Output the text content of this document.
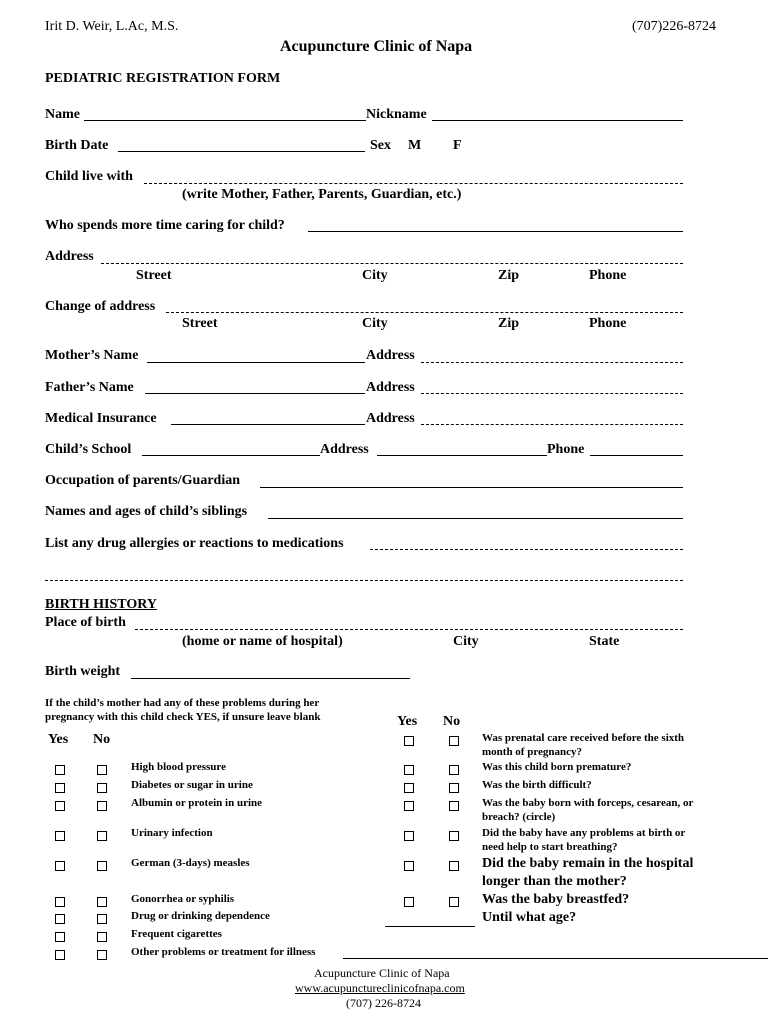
Irit D. Weir, L.Ac, M.S.	(707)226-8724
Acupuncture Clinic of Napa
PEDIATRIC REGISTRATION FORM
Name	Nickname
Birth Date	Sex M F
Child live with
(write Mother, Father, Parents, Guardian, etc.)
Who spends more time caring for child?
Address
Street	City	Zip	Phone
Change of address
Street	City	Zip	Phone
Mother’s Name	Address
Father’s Name	Address
Medical Insurance	Address
Child’s School	Address	Phone
Occupation of parents/Guardian
Names and ages of child’s siblings
List any drug allergies or reactions to medications
BIRTH HISTORY
Place of birth
(home or name of hospital)	City	State
Birth weight
If the child’s mother had any of these problems during her
pregnancy with this child check YES, if unsure leave blank
Yes No
Yes No
High blood pressure
Diabetes or sugar in urine
Albumin or protein in urine
Urinary infection
German (3-days) measles
Gonorrhea or syphilis
Drug or drinking dependence
Frequent cigarettes
Other problems or treatment for illness
Was prenatal care received before the sixth
month of pregnancy?
Was this child born premature?
Was the birth difficult?
Was the baby born with forceps, cesarean, or
breach? (circle)
Did the baby have any problems at birth or
need help to start breathing?
Did the baby remain in the hospital
longer than the mother?
Was the baby breastfed?
Until what age?
Acupuncture Clinic of Napa
www.acupunctureclinicofnapa.com
(707) 226-8724
